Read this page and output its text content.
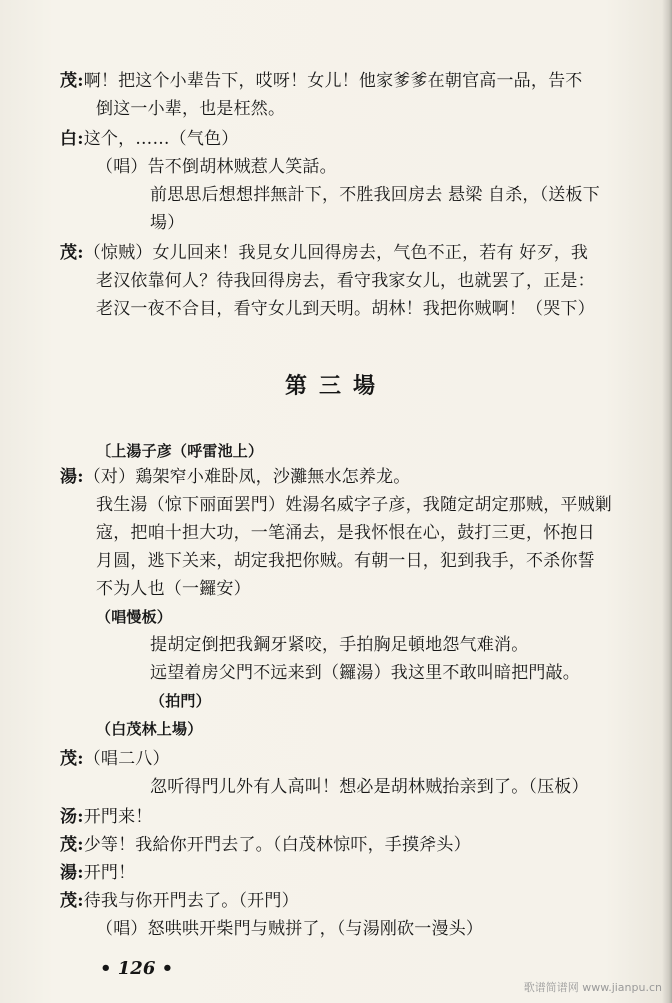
茂:啊！把这个小辈告下，哎呀！女儿！他家爹爹在朝官高一品，告不
倒这一小辈，也是枉然。
白:这个，……（气色）
（唱）告不倒胡林贼惹人笑話。
前思思后想想拌無計下，不胜我回房去 悬梁 自杀，（送板下
場）
茂:（惊贼）女儿回来！我見女儿回得房去，气色不正，若有 好歹，我
老汉依靠何人？待我回得房去，看守我家女儿，也就罢了，正是：
老汉一夜不合目，看守女儿到天明。胡林！我把你贼啊！（哭下）
第三場
〔上湯子彦（呼雷池上）
湯:（对）鶏架窄小难卧凤，沙灘無水怎养龙。
我生湯（惊下丽面罢門）姓湯名威字子彦，我随定胡定那贼，平贼剿
寇，把咱十担大功，一笔涌去，是我怀恨在心，鼓打三更，怀抱日
月圆，逃下关来，胡定我把你贼。有朝一日，犯到我手，不杀你誓
不为人也（一鑼安）
（唱慢板）
提胡定倒把我鋼牙紧咬，手拍胸足頓地怨气难消。
远望着房父門不远来到（鑼湯）我这里不敢叫暗把門敲。
（拍門）
（白茂林上場）
茂:（唱二八）
忽听得門儿外有人高叫！想必是胡林贼抬亲到了。（压板）
汤:开門来！
茂:少等！我給你开門去了。（白茂林惊吓，手摸斧头）
湯:开門！
茂:待我与你开門去了。（开門）
（唱）怒哄哄开柴門与贼拼了，（与湯刚砍一漫头）
• 126 •
歌谱简谱网 www.jianpu.cn
